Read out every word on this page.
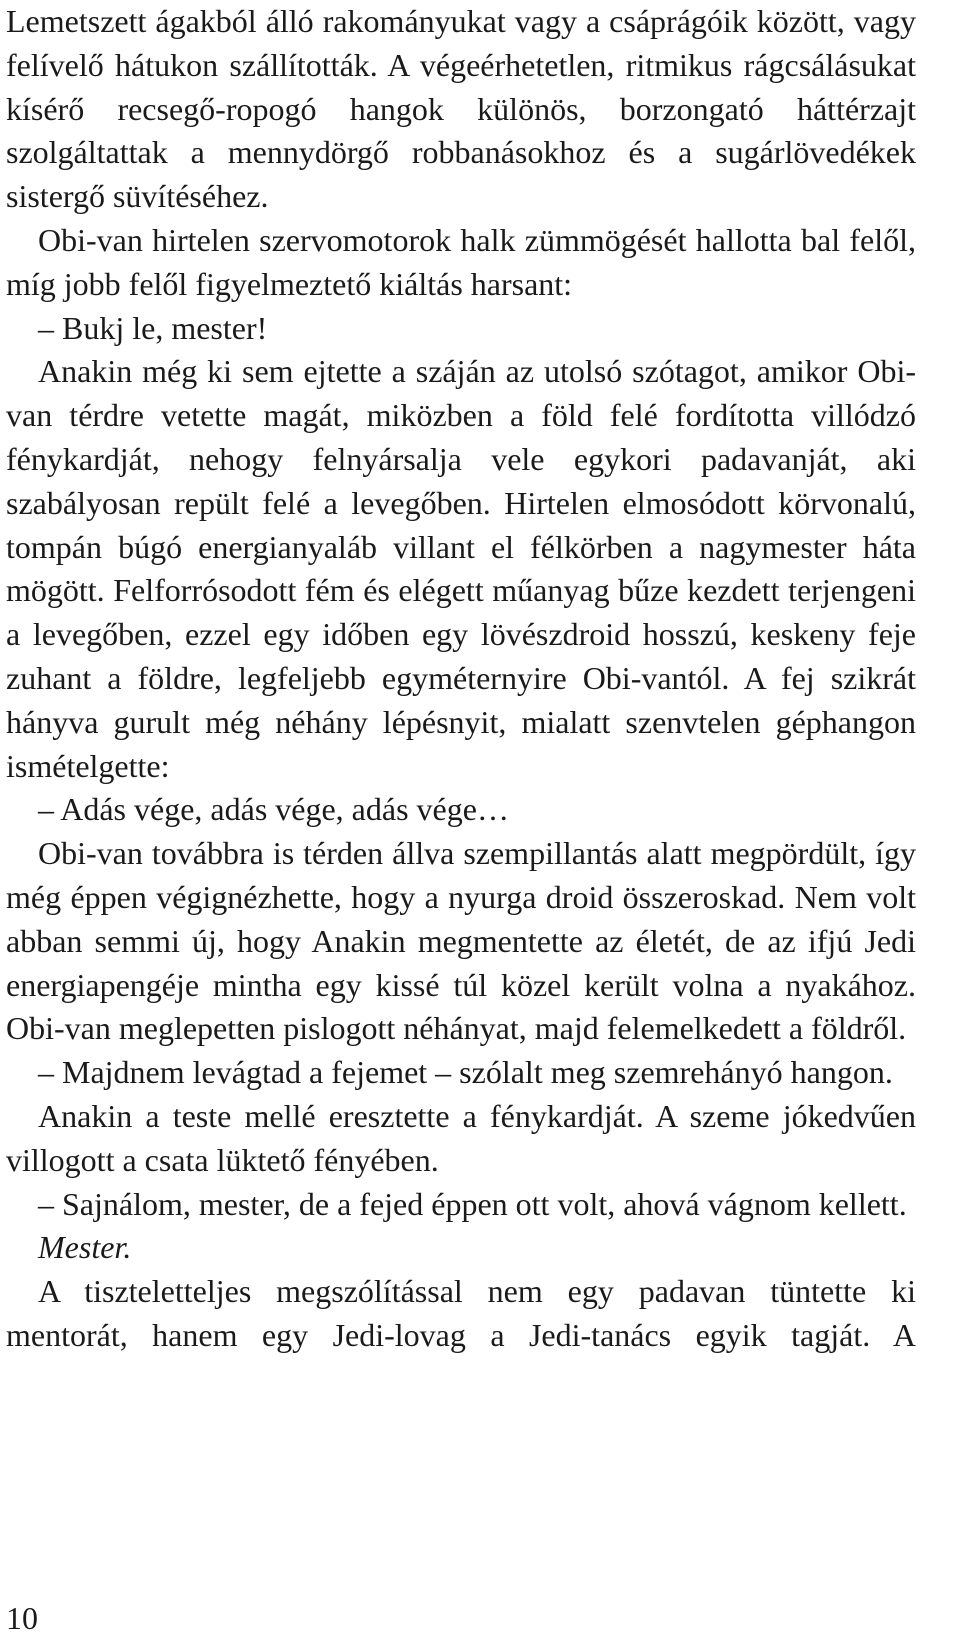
Lemetszett ágakból álló rakományukat vagy a csáprágóik között, vagy felívelő hátukon szállították. A végeérhetetlen, ritmikus rágcsálásukat kísérő recsegő-ropogó hangok különös, borzongató háttérzajt szolgáltattak a mennydörgő robbanásokhoz és a sugárlövedékek sistergő süvítéséhez.

Obi-van hirtelen szervomotorok halk zümmögését hallotta bal felől, míg jobb felől figyelmeztető kiáltás harsant:

– Bukj le, mester!

Anakin még ki sem ejtette a száján az utolsó szótagot, amikor Obi-van térdre vetette magát, miközben a föld felé fordította villódzó fénykardját, nehogy felnyársalja vele egykori padavanját, aki szabályosan repült felé a levegőben. Hirtelen elmosódott körvonalú, tompán búgó energianyaláb villant el félkörben a nagymester háta mögött. Felforrósodott fém és elégett műanyag bűze kezdett terjengeni a levegőben, ezzel egy időben egy lövészdroid hosszú, keskeny feje zuhant a földre, legfeljebb egyméternyire Obi-vantól. A fej szikrát hányva gurult még néhány lépésnyit, mialatt szenvtelen géphangon ismételgette:

– Adás vége, adás vége, adás vége…

Obi-van továbbra is térden állva szempillantás alatt megpördült, így még éppen végignézhette, hogy a nyurga droid összeroskad. Nem volt abban semmi új, hogy Anakin megmentette az életét, de az ifjú Jedi energiapengéje mintha egy kissé túl közel került volna a nyakához. Obi-van meglepetten pislogott néhányat, majd felemelkedett a földről.

– Majdnem levágtad a fejemet – szólalt meg szemrehányó hangon.

Anakin a teste mellé eresztette a fénykardját. A szeme jókedvűen villogott a csata lüktető fényében.

– Sajnálom, mester, de a fejed éppen ott volt, ahová vágnom kellett.

Mester.

A tiszteletteljes megszólítással nem egy padavan tüntette ki mentorát, hanem egy Jedi-lovag a Jedi-tanács egyik tagját. A

10
